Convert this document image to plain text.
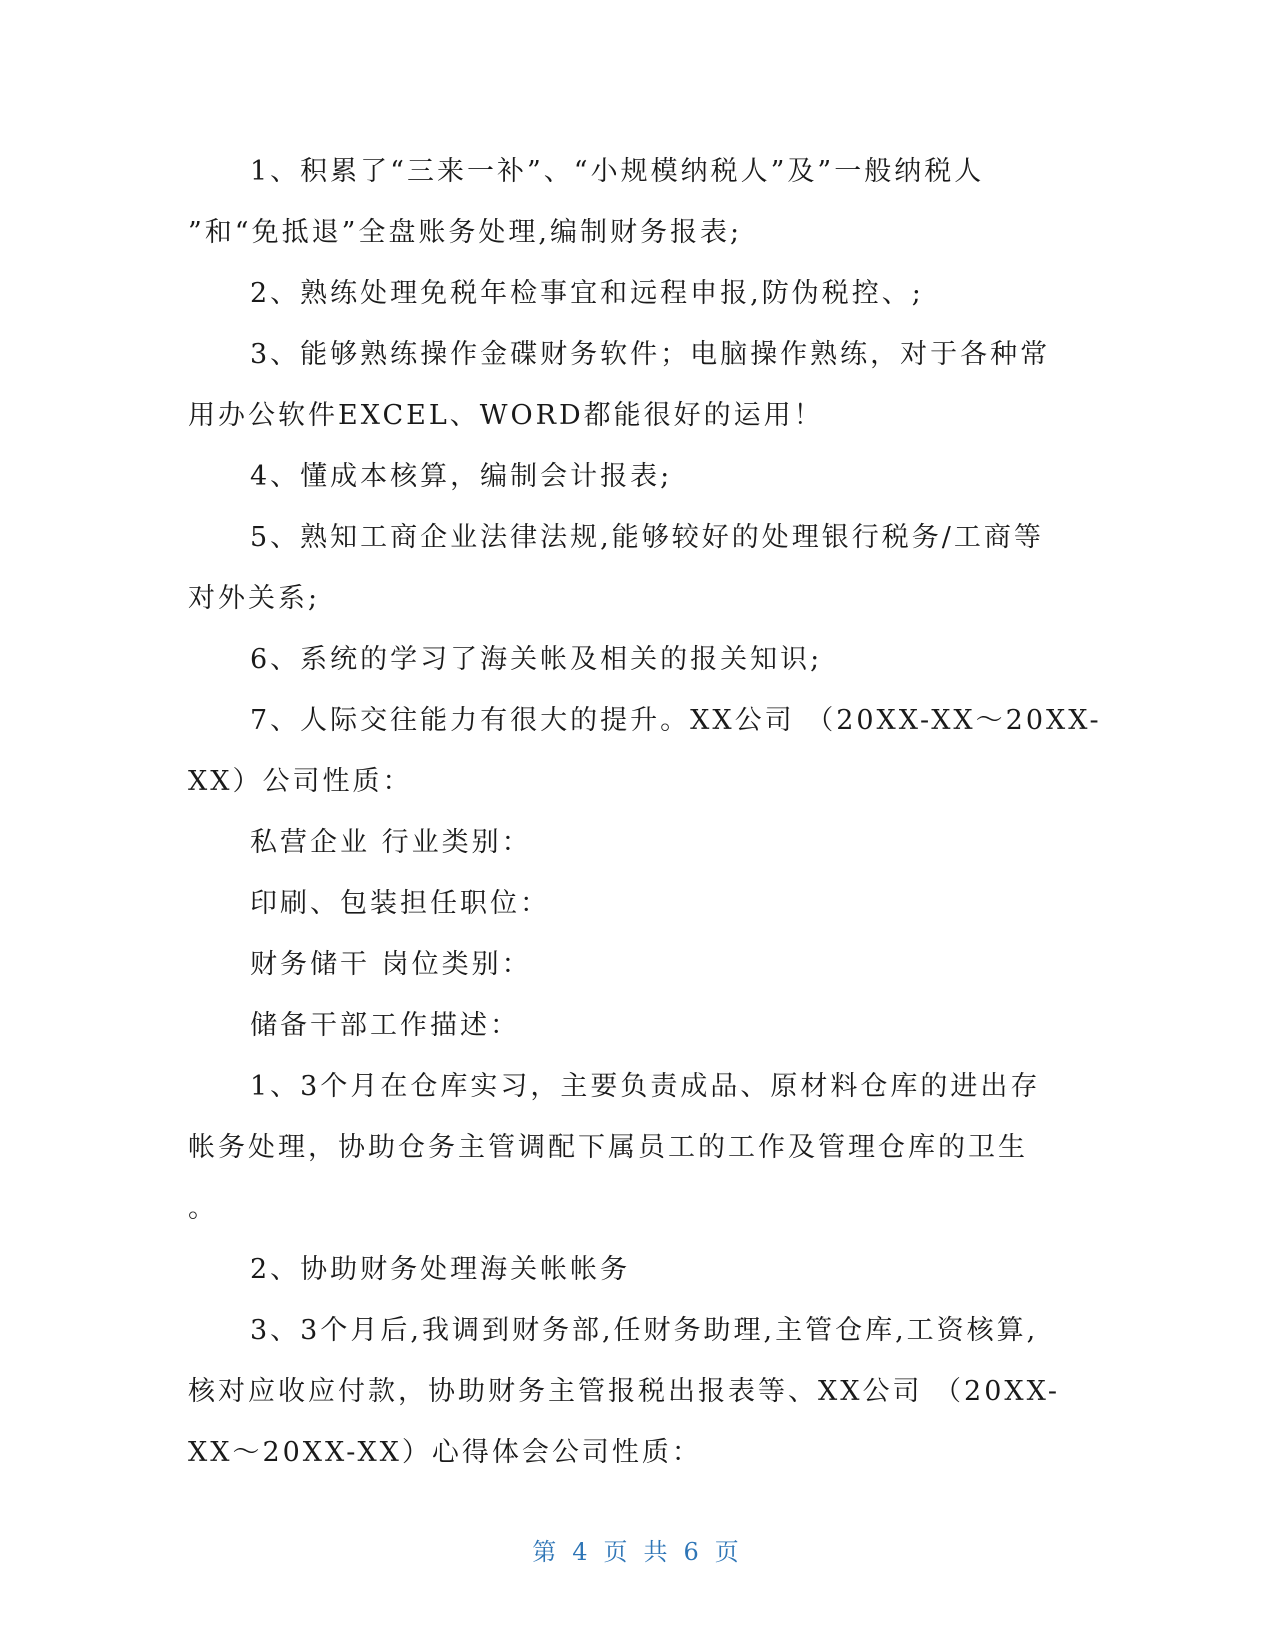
1、积累了“三来一补”、“小规模纳税人”及”一般纳税人
”和“免抵退”全盘账务处理,编制财务报表;
2、熟练处理免税年检事宜和远程申报,防伪税控、;
3、能够熟练操作金碟财务软件；电脑操作熟练，对于各种常
用办公软件EXCEL、WORD都能很好的运用！
4、懂成本核算，编制会计报表;
5、熟知工商企业法律法规,能够较好的处理银行税务/工商等
对外关系;
6、系统的学习了海关帐及相关的报关知识;
7、人际交往能力有很大的提升。XX公司 （20XX-XX～20XX-
XX）公司性质：
私营企业 行业类别：
印刷、包装担任职位：
财务储干 岗位类别：
储备干部工作描述：
1、3个月在仓库实习，主要负责成品、原材料仓库的进出存
帐务处理，协助仓务主管调配下属员工的工作及管理仓库的卫生
。
2、协助财务处理海关帐帐务
3、3个月后,我调到财务部,任财务助理,主管仓库,工资核算,
核对应收应付款，协助财务主管报税出报表等、XX公司 （20XX-
XX～20XX-XX）心得体会公司性质：
第 4 页 共 6 页
